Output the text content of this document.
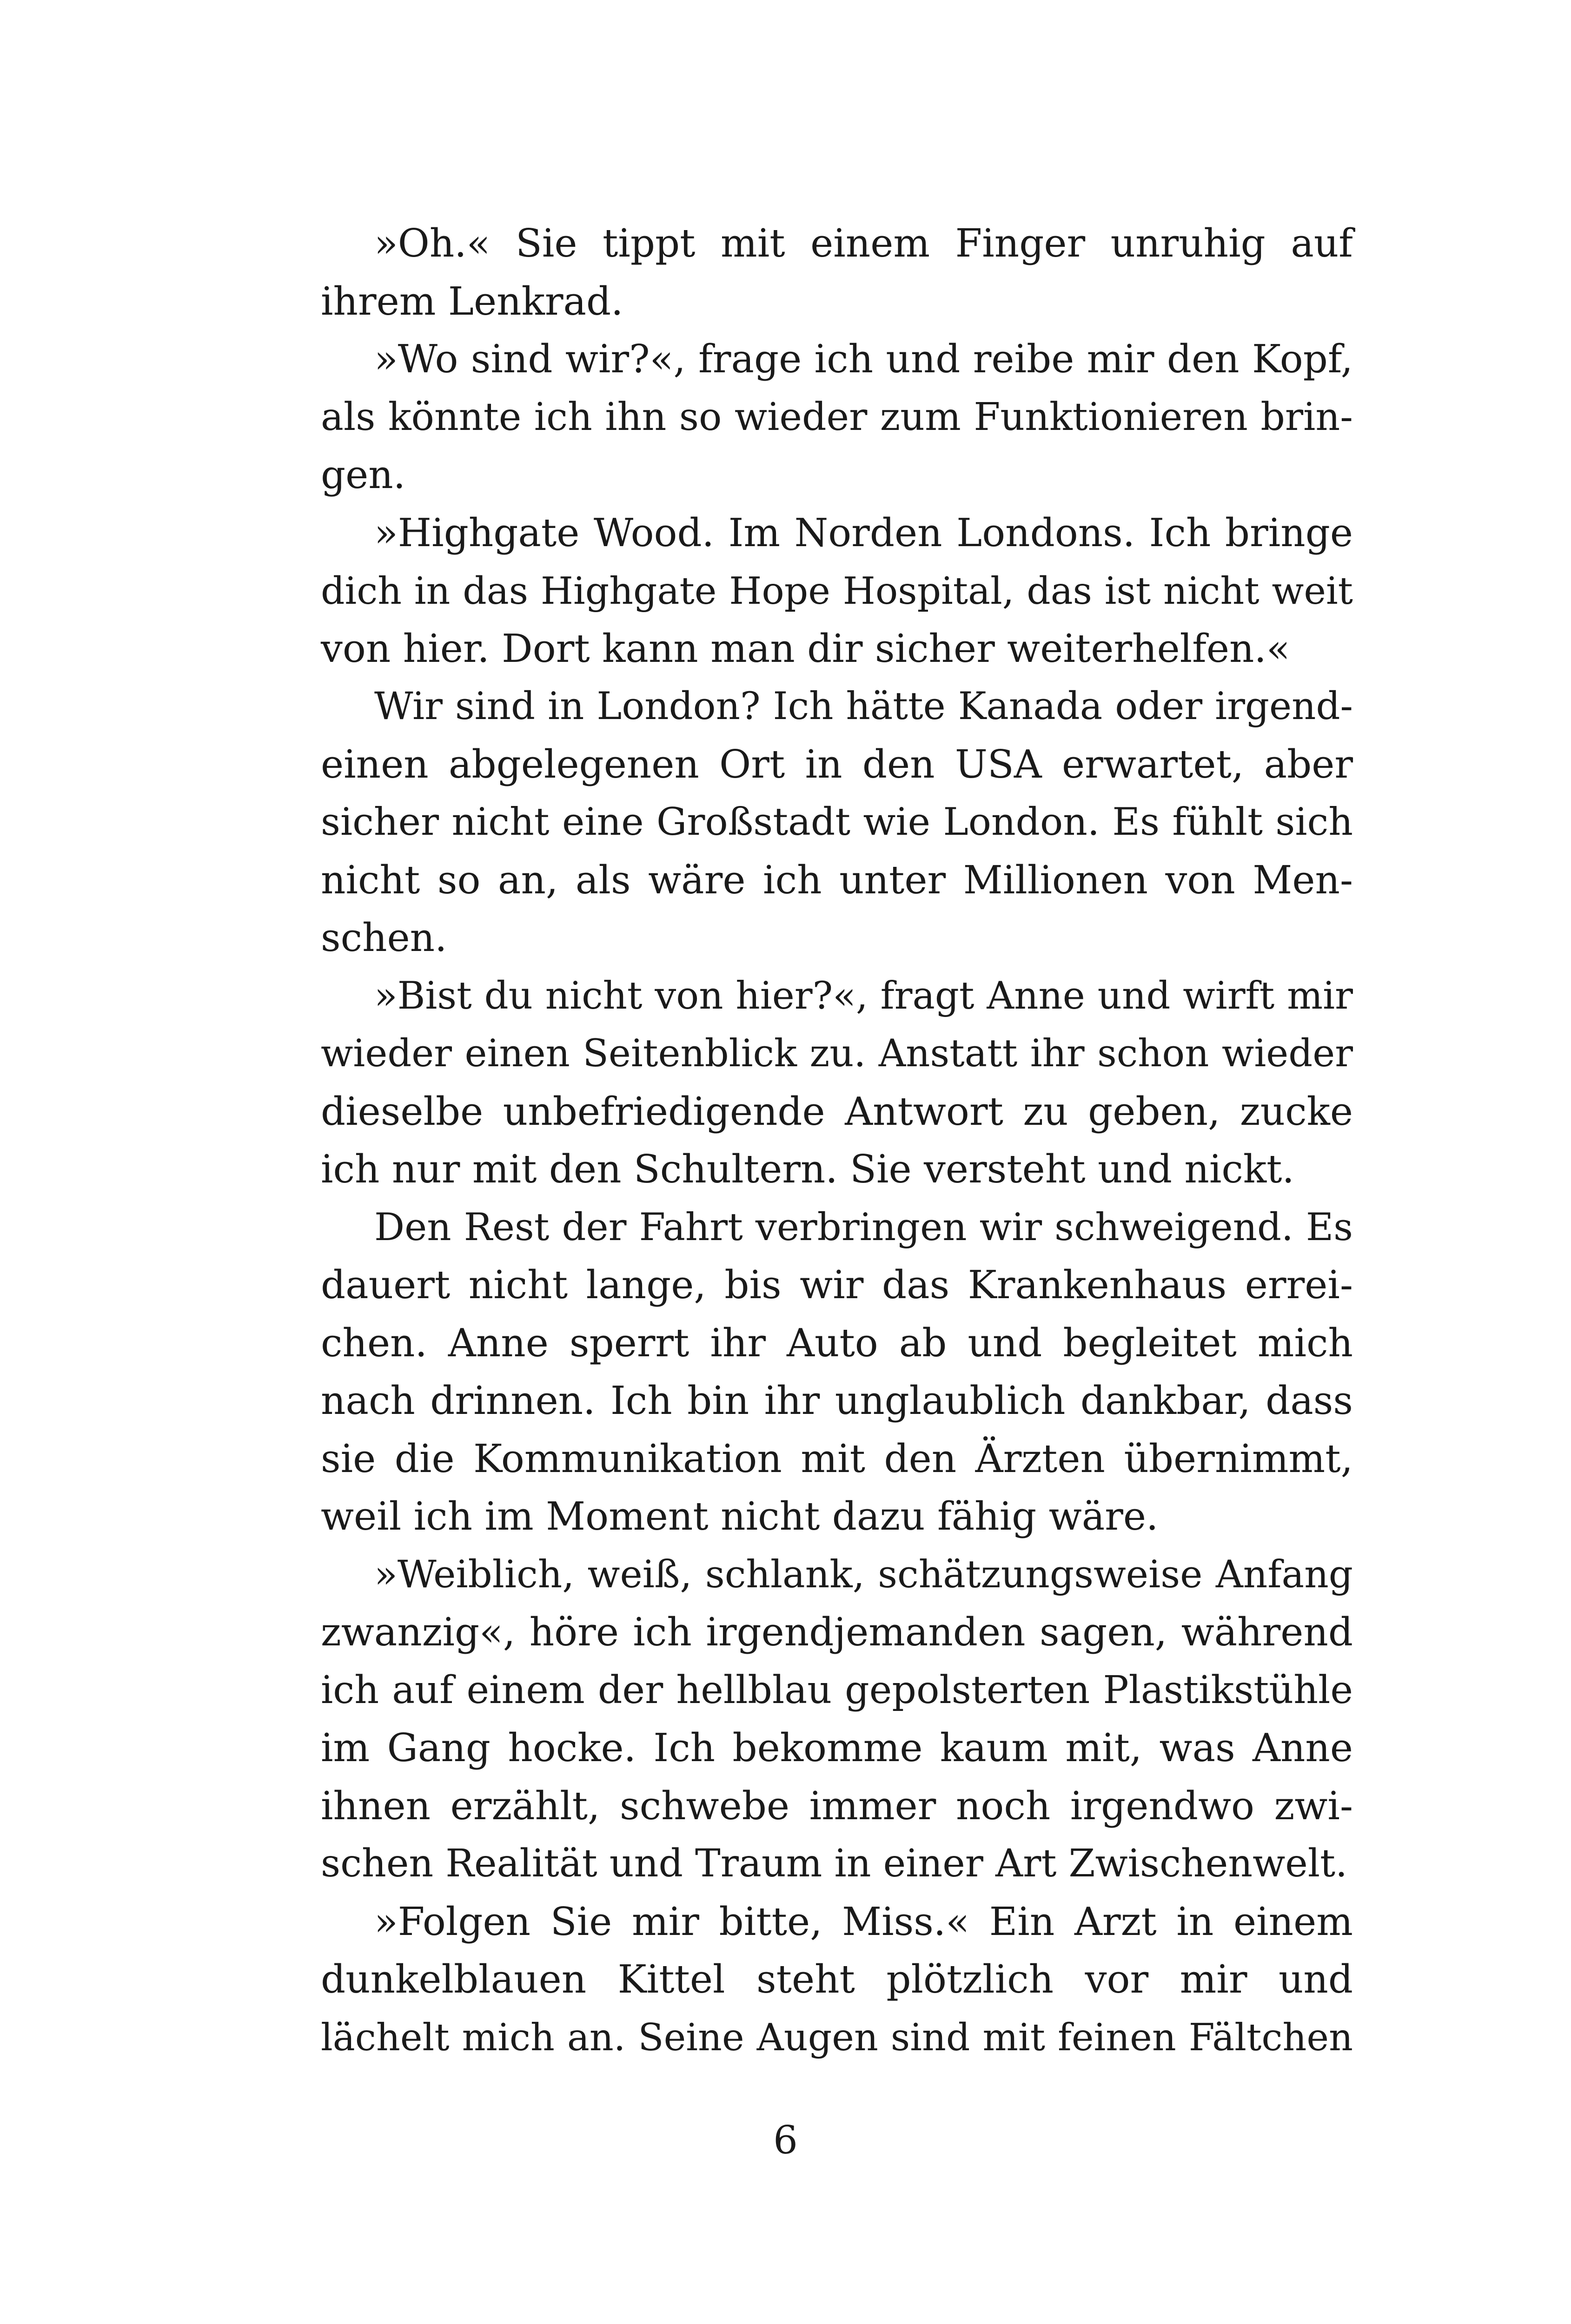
»Oh.« Sie tippt mit einem Finger unruhig auf
ihrem Lenkrad.
»Wo sind wir?«, frage ich und reibe mir den Kopf,
als könnte ich ihn so wieder zum Funktionieren brin-
gen.
»Highgate Wood. Im Norden Londons. Ich bringe
dich in das Highgate Hope Hospital, das ist nicht weit
von hier. Dort kann man dir sicher weiterhelfen.«
Wir sind in London? Ich hätte Kanada oder irgend-
einen abgelegenen Ort in den USA erwartet, aber
sicher nicht eine Großstadt wie London. Es fühlt sich
nicht so an, als wäre ich unter Millionen von Men-
schen.
»Bist du nicht von hier?«, fragt Anne und wirft mir
wieder einen Seitenblick zu. Anstatt ihr schon wieder
dieselbe unbefriedigende Antwort zu geben, zucke
ich nur mit den Schultern. Sie versteht und nickt.
Den Rest der Fahrt verbringen wir schweigend. Es
dauert nicht lange, bis wir das Krankenhaus errei-
chen. Anne sperrt ihr Auto ab und begleitet mich
nach drinnen. Ich bin ihr unglaublich dankbar, dass
sie die Kommunikation mit den Ärzten übernimmt,
weil ich im Moment nicht dazu fähig wäre.
»Weiblich, weiß, schlank, schätzungsweise Anfang
zwanzig«, höre ich irgendjemanden sagen, während
ich auf einem der hellblau gepolsterten Plastikstühle
im Gang hocke. Ich bekomme kaum mit, was Anne
ihnen erzählt, schwebe immer noch irgendwo zwi-
schen Realität und Traum in einer Art Zwischenwelt.
»Folgen Sie mir bitte, Miss.« Ein Arzt in einem
dunkelblauen Kittel steht plötzlich vor mir und
lächelt mich an. Seine Augen sind mit feinen Fältchen
6
